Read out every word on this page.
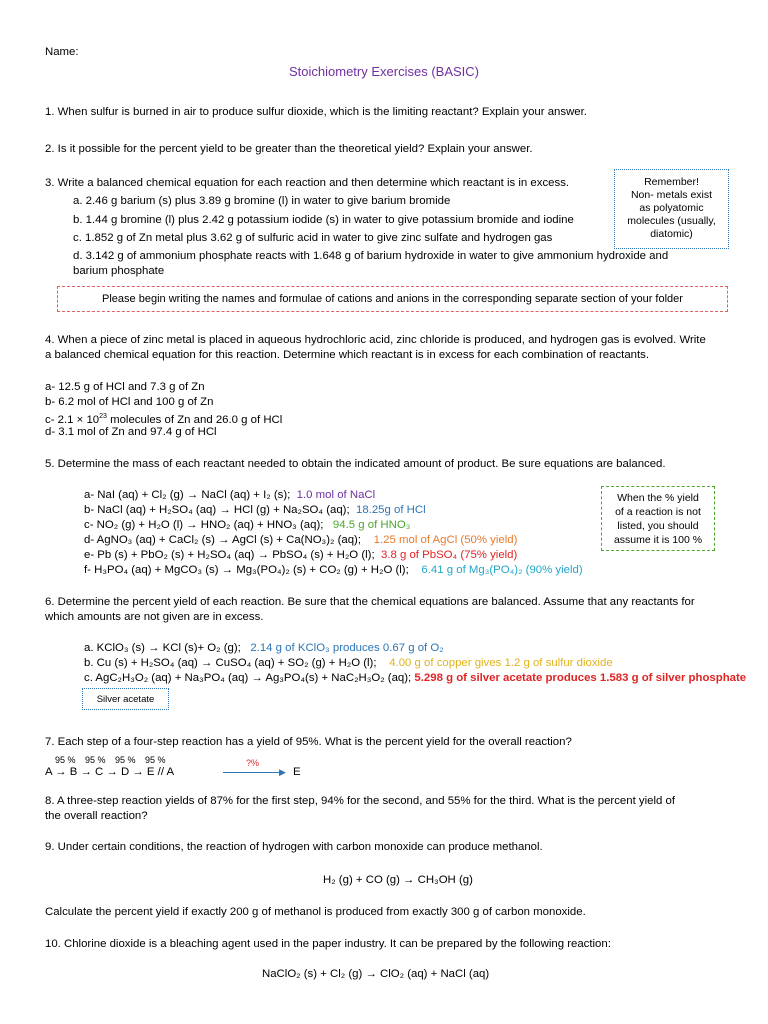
Name:
Stoichiometry Exercises (BASIC)
1. When sulfur is burned in air to produce sulfur dioxide, which is the limiting reactant? Explain your answer.
2. Is it possible for the percent yield to be greater than the theoretical yield? Explain your answer.
3. Write a balanced chemical equation for each reaction and then determine which reactant is in excess.
a. 2.46 g barium (s) plus 3.89 g bromine (l) in water to give barium bromide
b. 1.44 g bromine (l) plus 2.42 g potassium iodide (s) in water to give potassium bromide and iodine
c. 1.852 g of Zn metal plus 3.62 g of sulfuric acid in water to give zinc sulfate and hydrogen gas
d. 3.142 g of ammonium phosphate reacts with 1.648 g of barium hydroxide in water to give ammonium hydroxide and
barium phosphate
Remember!
Non- metals exist
as polyatomic
molecules (usually,
diatomic)
Please begin writing the names and formulae of cations and anions in the corresponding separate section of your folder
4. When a piece of zinc metal is placed in aqueous hydrochloric acid, zinc chloride is produced, and hydrogen gas is evolved. Write
a balanced chemical equation for this reaction. Determine which reactant is in excess for each combination of reactants.
a- 12.5 g of HCl and 7.3 g of Zn
b- 6.2 mol of HCl and 100 g of Zn
c- $2.1 \times 10^{23}$ molecules of Zn and 26.0 g of HCl
d- 3.1 mol of Zn and 97.4 g of HCl
5. Determine the mass of each reactant needed to obtain the indicated amount of product. Be sure equations are balanced.
a- NaI (aq) + Cl₂ (g) → NaCl (aq) + I₂ (s); 1.0 mol of NaCl
b- NaCl (aq) + H₂SO₄ (aq) → HCl (g) + Na₂SO₄ (aq); 18.25g of HCl
c- NO₂ (g) + H₂O (l) → HNO₂ (aq) + HNO₃ (aq); 94.5 g of HNO₃
d- AgNO₃ (aq) + CaCl₂ (s) → AgCl (s) + Ca(NO₃)₂ (aq); 1.25 mol of AgCl (50% yield)
e- Pb (s) + PbO₂ (s) + H₂SO₄ (aq) → PbSO₄ (s) + H₂O (l); 3.8 g of PbSO₄ (75% yield)
f- H₃PO₄ (aq) + MgCO₃ (s) → Mg₃(PO₄)₂ (s) + CO₂ (g) + H₂O (l); 6.41 g of Mg₃(PO₄)₂ (90% yield)
When the % yield
of a reaction is not
listed, you should
assume it is 100 %
6. Determine the percent yield of each reaction. Be sure that the chemical equations are balanced. Assume that any reactants for
which amounts are not given are in excess.
a. KClO₃ (s) → KCl (s)+ O₂ (g); 2.14 g of KClO₃ produces 0.67 g of O₂
b. Cu (s) + H₂SO₄ (aq) → CuSO₄ (aq) + SO₂ (g) + H₂O (l); 4.00 g of copper gives 1.2 g of sulfur dioxide
c. AgC₂H₃O₂ (aq) + Na₃PO₄ (aq) → Ag₃PO₄(s) + NaC₂H₃O₂ (aq); 5.298 g of silver acetate produces 1.583 g of silver phosphate
Silver acetate
7. Each step of a four-step reaction has a yield of 95%. What is the percent yield for the overall reaction?
95 % 95 % 95 % 95 %
A → B → C → D → E // A
?%
▶ E
8. A three-step reaction yields of 87% for the first step, 94% for the second, and 55% for the third. What is the percent yield of
the overall reaction?
9. Under certain conditions, the reaction of hydrogen with carbon monoxide can produce methanol.
H₂ (g) + CO (g) → CH₃OH (g)
Calculate the percent yield if exactly 200 g of methanol is produced from exactly 300 g of carbon monoxide.
10. Chlorine dioxide is a bleaching agent used in the paper industry. It can be prepared by the following reaction:
NaClO₂ (s) + Cl₂ (g) → ClO₂ (aq) + NaCl (aq)
